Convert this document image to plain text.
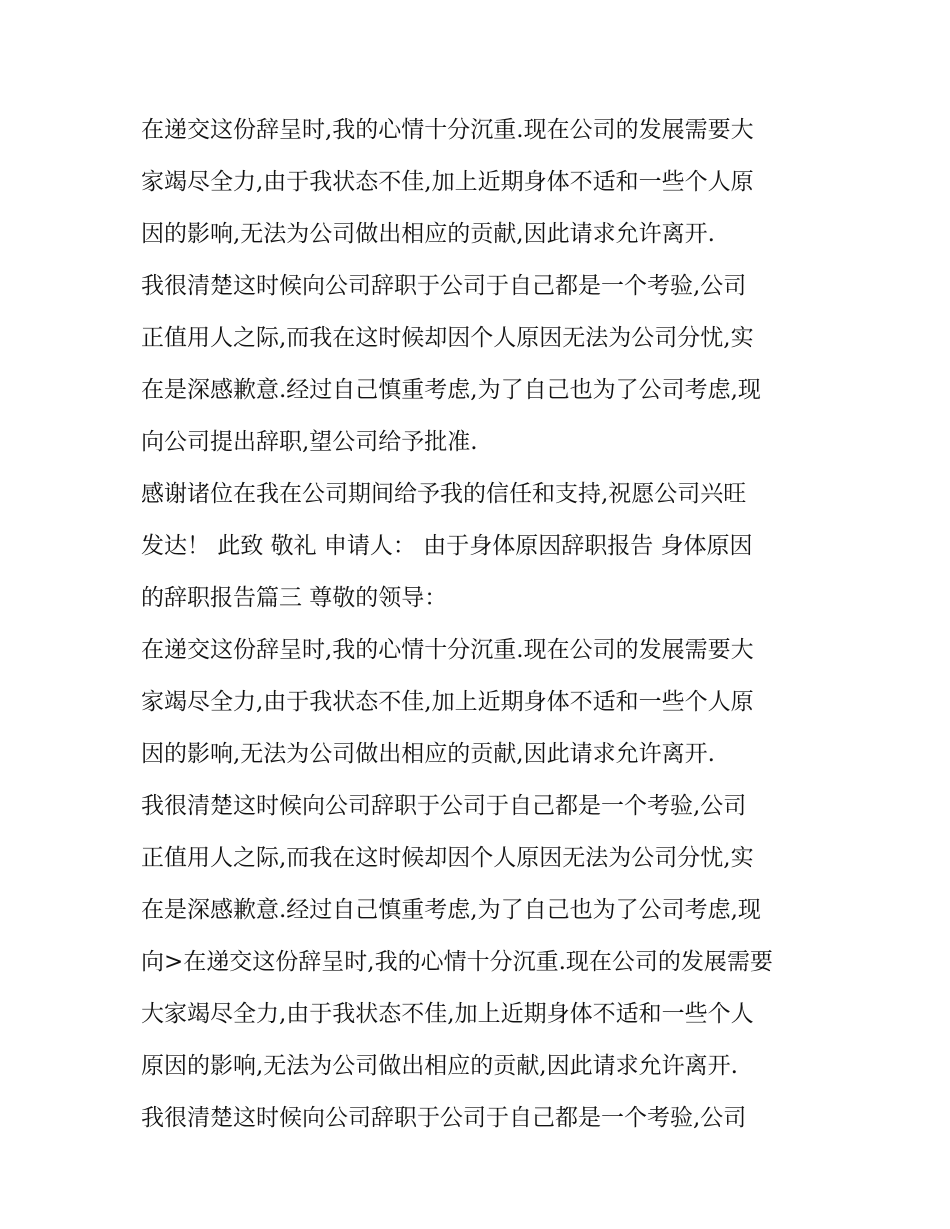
在递交这份辞呈时,我的心情十分沉重.现在公司的发展需要大
家竭尽全力,由于我状态不佳,加上近期身体不适和一些个人原
因的影响,无法为公司做出相应的贡献,因此请求允许离开.
我很清楚这时候向公司辞职于公司于自己都是一个考验,公司
正值用人之际,而我在这时候却因个人原因无法为公司分忧,实
在是深感歉意.经过自己慎重考虑,为了自己也为了公司考虑,现
向公司提出辞职,望公司给予批准.
感谢诸位在我在公司期间给予我的信任和支持,祝愿公司兴旺
发达！ 此致 敬礼 申请人： 由于身体原因辞职报告 身体原因
的辞职报告篇三 尊敬的领导：
在递交这份辞呈时,我的心情十分沉重.现在公司的发展需要大
家竭尽全力,由于我状态不佳,加上近期身体不适和一些个人原
因的影响,无法为公司做出相应的贡献,因此请求允许离开.
我很清楚这时候向公司辞职于公司于自己都是一个考验,公司
正值用人之际,而我在这时候却因个人原因无法为公司分忧,实
在是深感歉意.经过自己慎重考虑,为了自己也为了公司考虑,现
向>在递交这份辞呈时,我的心情十分沉重.现在公司的发展需要
大家竭尽全力,由于我状态不佳,加上近期身体不适和一些个人
原因的影响,无法为公司做出相应的贡献,因此请求允许离开.
我很清楚这时候向公司辞职于公司于自己都是一个考验,公司
